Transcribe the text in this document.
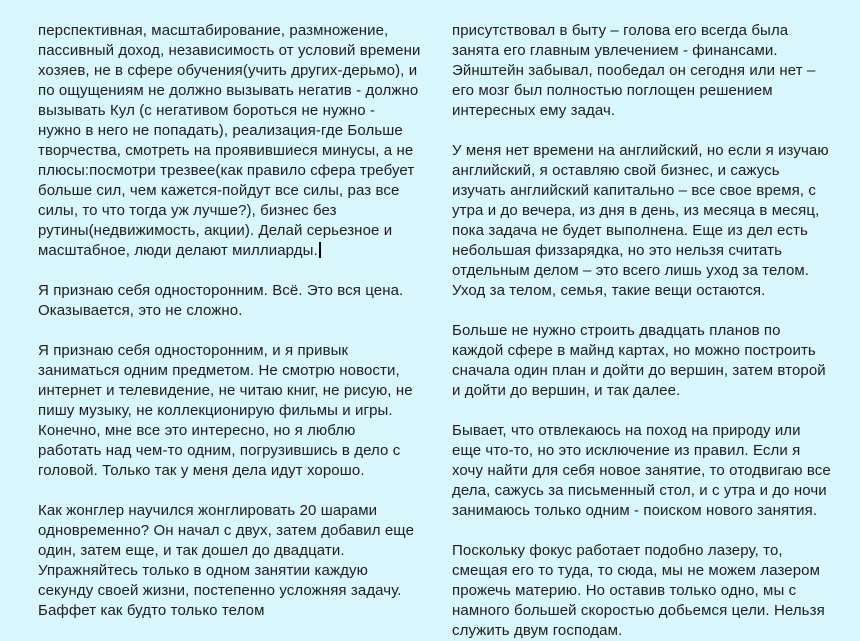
перспективная, масштабирование, размножение, пассивный доход, независимость от условий времени хозяев, не в сфере обучения(учить других-дерьмо), и по ощущениям не должно вызывать негатив - должно вызывать Кул (с негативом бороться не нужно - нужно в него не попадать), реализация-где Больше творчества, смотреть на проявившиеся минусы, а не плюсы:посмотри трезвее(как правило сфера требует больше сил, чем кажется-пойдут все силы, раз все силы, то что тогда уж лучше?), бизнес без рутины(недвижимость, акции). Делай серьезное и масштабное, люди делают миллиарды.

Я признаю себя односторонним. Всё. Это вся цена. Оказывается, это не сложно.

Я признаю себя односторонним, и я привык заниматься одним предметом. Не смотрю новости, интернет и телевидение, не читаю книг, не рисую, не пишу музыку, не коллекционирую фильмы и игры. Конечно, мне все это интересно, но я люблю работать над чем-то одним, погрузившись в дело с головой. Только так у меня дела идут хорошо.

Как жонглер научился жонглировать 20 шарами одновременно? Он начал с двух, затем добавил еще один, затем еще, и так дошел до двадцати. Упражняйтесь только в одном занятии каждую секунду своей жизни, постепенно усложняя задачу. Баффет как будто только телом

присутствовал в быту – голова его всегда была занята его главным увлечением - финансами. Эйнштейн забывал, пообедал он сегодня или нет – его мозг был полностью поглощен решением интересных ему задач.

У меня нет времени на английский, но если я изучаю английский, я оставляю свой бизнес, и сажусь изучать английский капитально – все свое время, с утра и до вечера, из дня в день, из месяца в месяц, пока задача не будет выполнена. Еще из дел есть небольшая физзарядка, но это нельзя считать отдельным делом – это всего лишь уход за телом. Уход за телом, семья, такие вещи остаются.

Больше не нужно строить двадцать планов по каждой сфере в майнд картах, но можно построить сначала один план и дойти до вершин, затем второй и дойти до вершин, и так далее.

Бывает, что отвлекаюсь на поход на природу или еще что-то, но это исключение из правил. Если я хочу найти для себя новое занятие, то отодвигаю все дела, сажусь за письменный стол, и с утра и до ночи занимаюсь только одним - поиском нового занятия.

Поскольку фокус работает подобно лазеру, то, смещая его то туда, то сюда, мы не можем лазером прожечь материю. Но оставив только одно, мы с намного большей скоростью добьемся цели. Нельзя служить двум господам.
